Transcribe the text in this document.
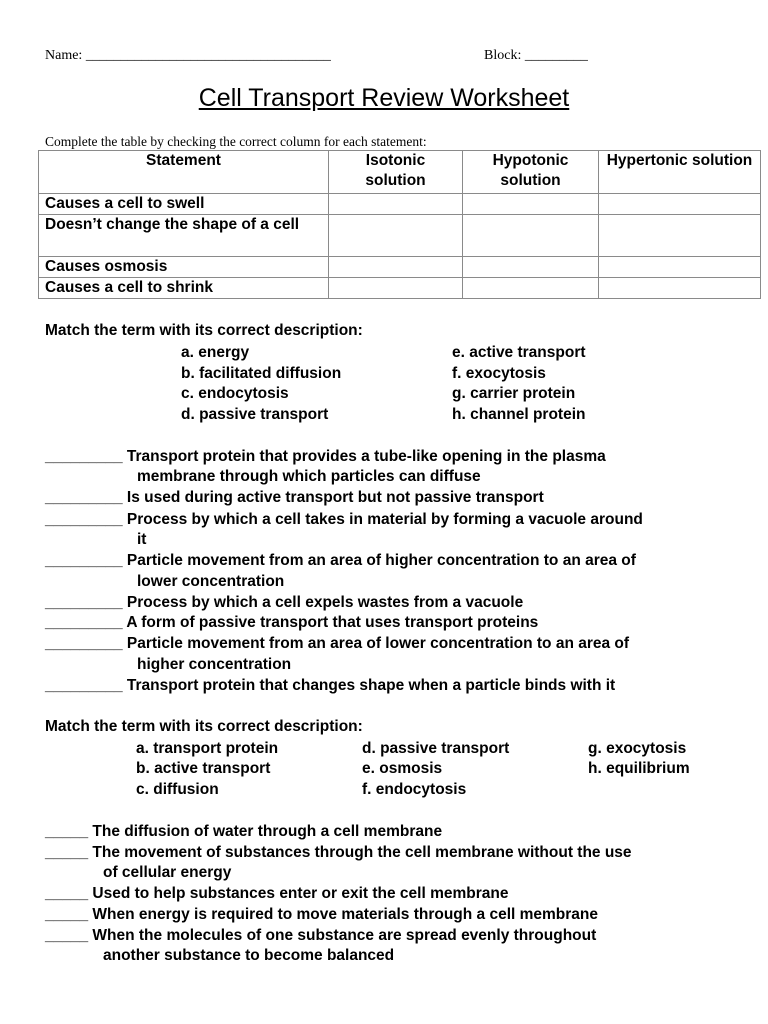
Name: ___________________________________	Block: _________
Cell Transport Review Worksheet
Complete the table by checking the correct column for each statement:
Statement	Isotonic solution	Hypotonic solution	Hypertonic solution
Causes a cell to swell			
Doesn’t change the shape of a cell			
Causes osmosis			
Causes a cell to shrink			
Match the term with its correct description:
a. energy
b. facilitated diffusion
c. endocytosis
d. passive transport
e. active transport
f. exocytosis
g. carrier protein
h. channel protein
_________ Transport protein that provides a tube-like opening in the plasma
membrane through which particles can diffuse
_________ Is used during active transport but not passive transport
_________ Process by which a cell takes in material by forming a vacuole around
it
_________ Particle movement from an area of higher concentration to an area of
lower concentration
_________ Process by which a cell expels wastes from a vacuole
_________ A form of passive transport that uses transport proteins
_________ Particle movement from an area of lower concentration to an area of
higher concentration
_________ Transport protein that changes shape when a particle binds with it
Match the term with its correct description:
a. transport protein
b. active transport
c. diffusion
d. passive transport
e. osmosis
f. endocytosis
g. exocytosis
h. equilibrium
_____ The diffusion of water through a cell membrane
_____ The movement of substances through the cell membrane without the use
of cellular energy
_____ Used to help substances enter or exit the cell membrane
_____ When energy is required to move materials through a cell membrane
_____ When the molecules of one substance are spread evenly throughout
another substance to become balanced
